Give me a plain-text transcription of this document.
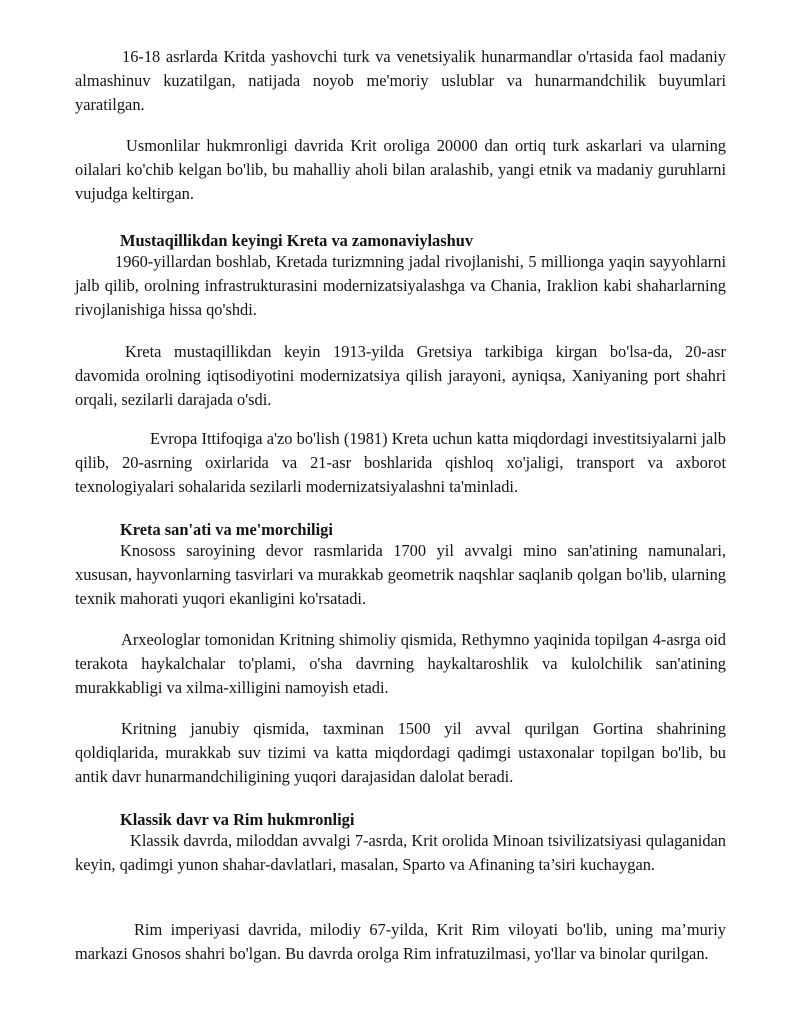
16-18 asrlarda Kritda yashovchi turk va venetsiyalik hunarmandlar o'rtasida faol madaniy almashinuv kuzatilgan, natijada noyob me'moriy uslublar va hunarmandchilik buyumlari yaratilgan.

Usmonlilar hukmronligi davrida Krit oroliga 20000 dan ortiq turk askarlari va ularning oilalari ko'chib kelgan bo'lib, bu mahalliy aholi bilan aralashib, yangi etnik va madaniy guruhlarni vujudga keltirgan.

Mustaqillikdan keyingi Kreta va zamonaviylashuv

1960-yillardan boshlab, Kretada turizmning jadal rivojlanishi, 5 millionga yaqin sayyohlarni jalb qilib, orolning infrastrukturasini modernizatsiyalashga va Chania, Iraklion kabi shaharlarning rivojlanishiga hissa qo'shdi.

Kreta mustaqillikdan keyin 1913-yilda Gretsiya tarkibiga kirgan bo'lsa-da, 20-asr davomida orolning iqtisodiyotini modernizatsiya qilish jarayoni, ayniqsa, Xaniyaning port shahri orqali, sezilarli darajada o'sdi.

Evropa Ittifoqiga a'zo bo'lish (1981) Kreta uchun katta miqdordagi investitsiyalarni jalb qilib, 20-asrning oxirlarida va 21-asr boshlarida qishloq xo'jaligi, transport va axborot texnologiyalari sohalarida sezilarli modernizatsiyalashni ta'minladi.

Kreta san'ati va me'morchiligi

Knososs saroyining devor rasmlarida 1700 yil avvalgi mino san'atining namunalari, xususan, hayvonlarning tasvirlari va murakkab geometrik naqshlar saqlanib qolgan bo'lib, ularning texnik mahorati yuqori ekanligini ko'rsatadi.

Arxeologlar tomonidan Kritning shimoliy qismida, Rethymno yaqinida topilgan 4-asrga oid terakota haykalchalar to'plami, o'sha davrning haykaltaroshlik va kulolchilik san'atining murakkabligi va xilma-xilligini namoyish etadi.

Kritning janubiy qismida, taxminan 1500 yil avval qurilgan Gortina shahrining qoldiqlarida, murakkab suv tizimi va katta miqdordagi qadimgi ustaxonalar topilgan bo'lib, bu antik davr hunarmandchiligining yuqori darajasidan dalolat beradi.

Klassik davr va Rim hukmronligi

Klassik davrda, miloddan avvalgi 7-asrda, Krit orolida Minoan tsivilizatsiyasi qulaganidan keyin, qadimgi yunon shahar-davlatlari, masalan, Sparto va Afinaning ta’siri kuchaygan.

Rim imperiyasi davrida, milodiy 67-yilda, Krit Rim viloyati bo'lib, uning ma’muriy markazi Gnosos shahri bo'lgan. Bu davrda orolga Rim infratuzilmasi, yo'llar va binolar qurilgan.
